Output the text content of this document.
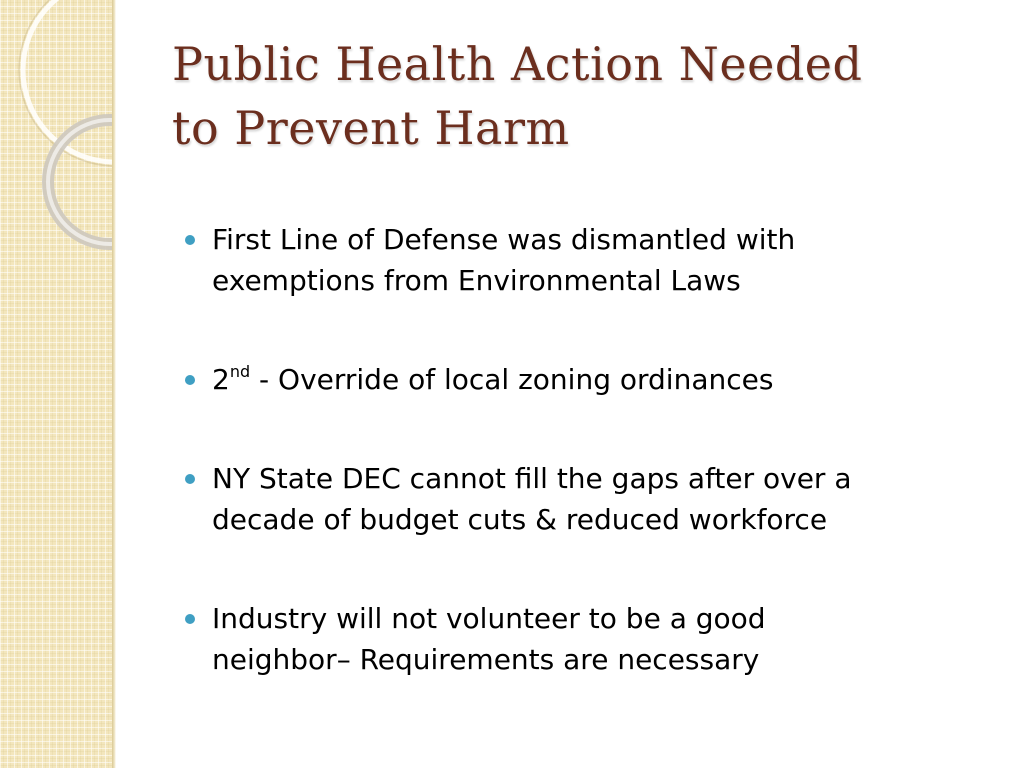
Public Health Action Needed
to Prevent Harm
First Line of Defense was dismantled with
exemptions from Environmental Laws
2nd - Override of local zoning ordinances
NY State DEC cannot fill the gaps after over a
decade of budget cuts & reduced workforce
Industry will not volunteer to be a good
neighbor– Requirements are necessary
